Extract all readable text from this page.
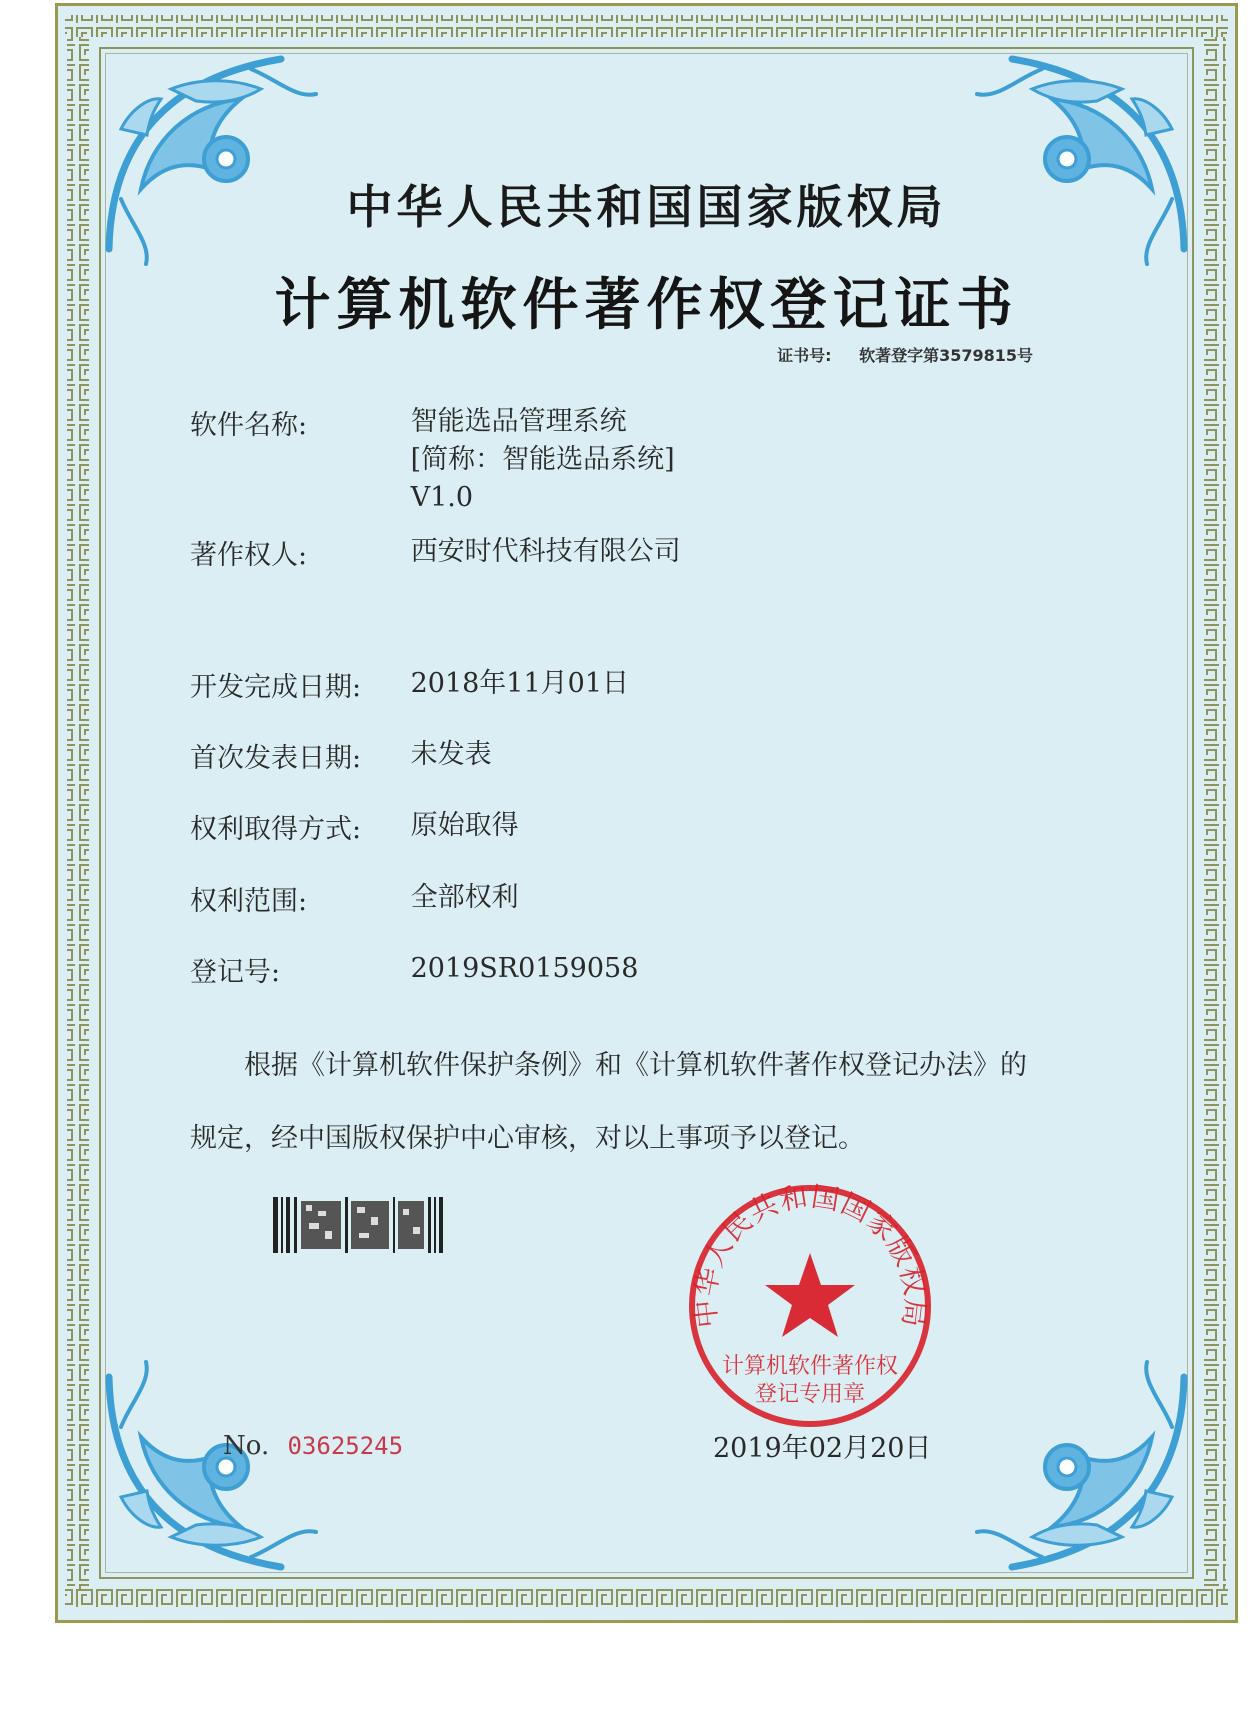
中华人民共和国国家版权局
计算机软件著作权登记证书
证书号: 软著登字第3579815号
软件名称:	智能选品管理系统
[简称：智能选品系统]
V1.0
著作权人:	西安时代科技有限公司
开发完成日期: 2018年11月01日
首次发表日期: 未发表
权利取得方式: 原始取得
权利范围:	全部权利
登记号:	2019SR0159058
根据《计算机软件保护条例》和《计算机软件著作权登记办法》的
规定，经中国版权保护中心审核，对以上事项予以登记。
No. 03625245
中华人民共和国国家版权局
计算机软件著作权
登记专用章
2019年02月20日
